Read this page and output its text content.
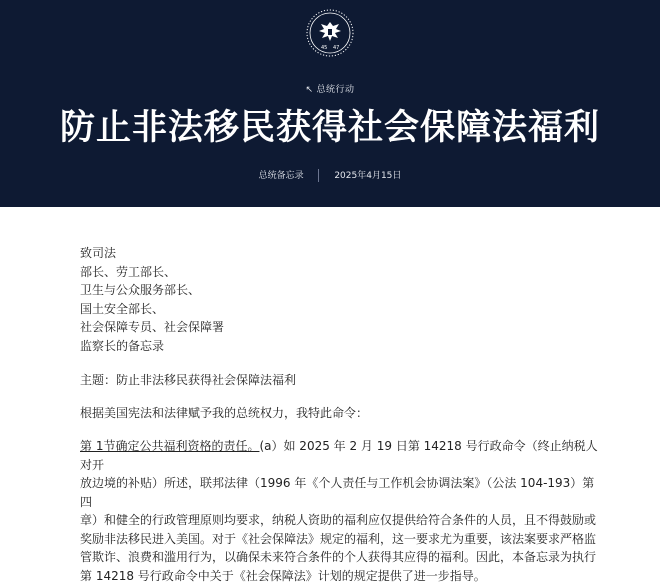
45 47
↖ 总统行动
防止非法移民获得社会保障法福利
总统备忘录	2025年4月15日
致司法
部长、劳工部长、
卫生与公众服务部长、
国土安全部长、
社会保障专员、社会保障署
监察长的备忘录
主题：防止非法移民获得社会保障法福利
根据美国宪法和法律赋予我的总统权力，我特此命令：
第 1节确定公共福利资格的责任。(a）如 2025 年 2 月 19 日第 14218 号行政命令（终止纳税人对开
放边境的补贴）所述，联邦法律（1996 年《个人责任与工作机会协调法案》（公法 104-193）第四
章）和健全的行政管理原则均要求，纳税人资助的福利应仅提供给符合条件的人员，且不得鼓励或
奖励非法移民进入美国。对于《社会保障法》规定的福利，这一要求尤为重要，该法案要求严格监
管欺诈、浪费和滥用行为，以确保未来符合条件的个人获得其应得的福利。因此，本备忘录为执行
第 14218 号行政命令中关于《社会保障法》计划的规定提供了进一步指导。
